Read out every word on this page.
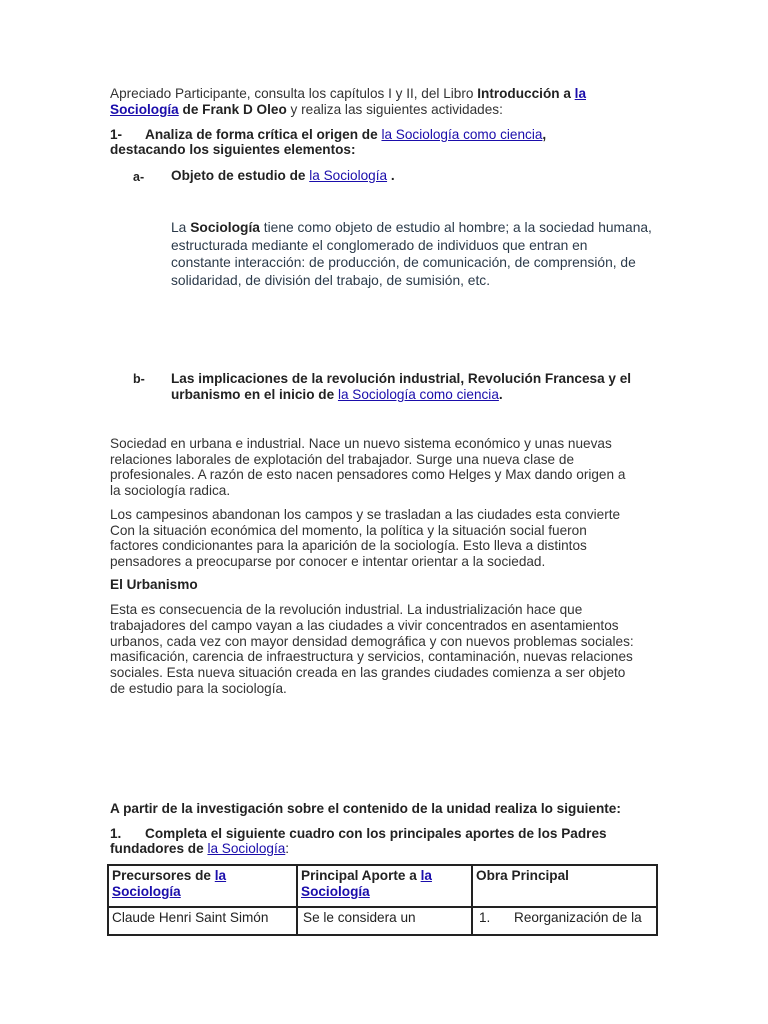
Apreciado Participante, consulta los capítulos I y II, del Libro Introducción a la
Sociología de Frank D Oleo y realiza las siguientes actividades:
1- Analiza de forma crítica el origen de la Sociología como ciencia,
destacando los siguientes elementos:
a- Objeto de estudio de la Sociología .
La Sociología tiene como objeto de estudio al hombre; a la sociedad humana,
estructurada mediante el conglomerado de individuos que entran en
constante interacción: de producción, de comunicación, de comprensión, de
solidaridad, de división del trabajo, de sumisión, etc.
b- Las implicaciones de la revolución industrial, Revolución Francesa y el
urbanismo en el inicio de la Sociología como ciencia.
Sociedad en urbana e industrial. Nace un nuevo sistema económico y unas nuevas
relaciones laborales de explotación del trabajador. Surge una nueva clase de
profesionales. A razón de esto nacen pensadores como Helges y Max dando origen a
la sociología radica.
Los campesinos abandonan los campos y se trasladan a las ciudades esta convierte
Con la situación económica del momento, la política y la situación social fueron
factores condicionantes para la aparición de la sociología. Esto lleva a distintos
pensadores a preocuparse por conocer e intentar orientar a la sociedad.
El Urbanismo
Esta es consecuencia de la revolución industrial. La industrialización hace que
trabajadores del campo vayan a las ciudades a vivir concentrados en asentamientos
urbanos, cada vez con mayor densidad demográfica y con nuevos problemas sociales:
masificación, carencia de infraestructura y servicios, contaminación, nuevas relaciones
sociales. Esta nueva situación creada en las grandes ciudades comienza a ser objeto
de estudio para la sociología.
A partir de la investigación sobre el contenido de la unidad realiza lo siguiente:
1. Completa el siguiente cuadro con los principales aportes de los Padres
fundadores de la Sociología:
Precursores de la
Sociología	Principal Aporte a la
Sociología	Obra Principal
Claude Henri Saint Simón	Se le considera un	1. Reorganización de la
